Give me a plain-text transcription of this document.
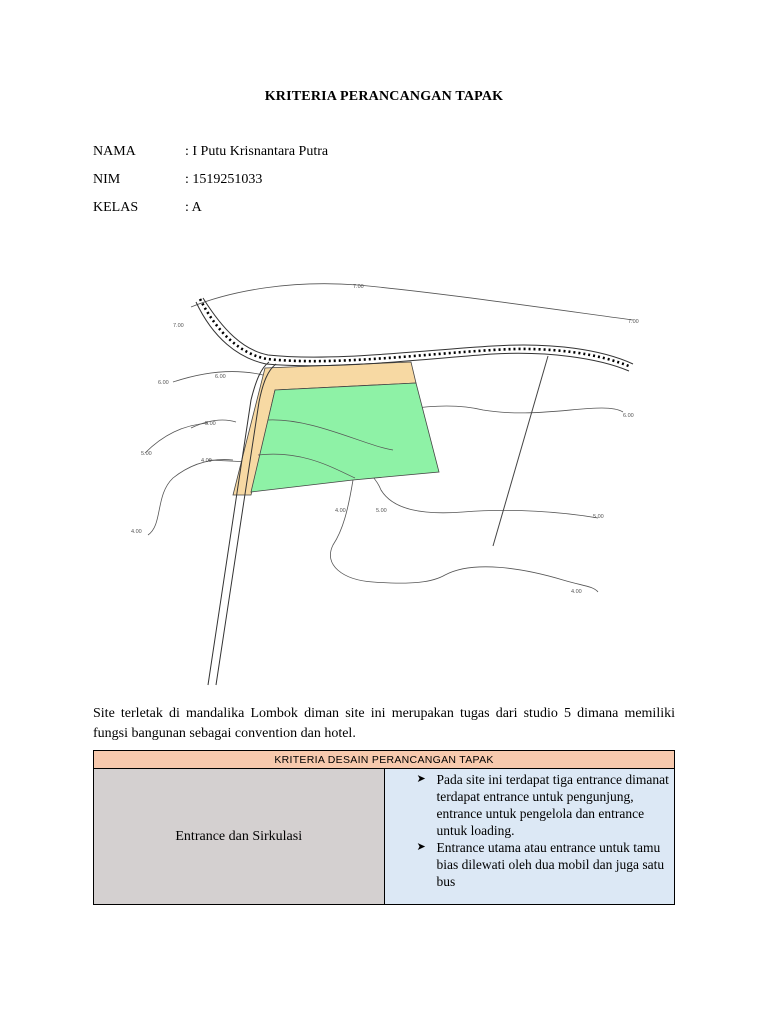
KRITERIA PERANCANGAN TAPAK
NAMA	: I Putu Krisnantara Putra
NIM	: 1519251033
KELAS	: A
7.00
7.00
7.00
6.00
6.00
6.00
5.00
5.00
5.00
5.00
4.00
4.00
4.00
4.00
Site terletak di mandalika Lombok diman site ini merupakan tugas dari studio 5 dimana memiliki fungsi bangunan sebagai convention dan hotel.
KRITERIA DESAIN PERANCANGAN TAPAK
Entrance dan Sirkulasi	
➤ Pada site ini terdapat tiga entrance dimanat terdapat entrance untuk pengunjung, entrance untuk pengelola dan entrance untuk loading.
➤ Entrance utama atau entrance untuk tamu bias dilewati oleh dua mobil dan juga satu bus
